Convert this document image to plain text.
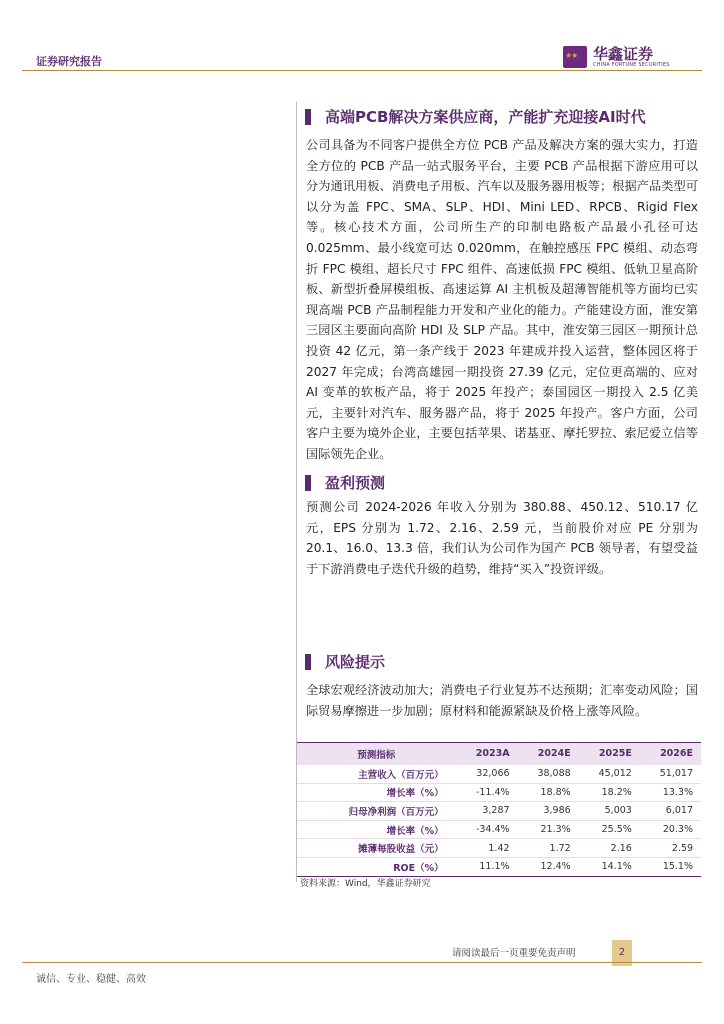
证券研究报告 ★★	华鑫证券
CHINA FORTUNE SECURITIES
高端PCB解决方案供应商，产能扩充迎接AI时代
公司具备为不同客户提供全方位 PCB 产品及解决方案的强大实力，打造全方位的 PCB 产品一站式服务平台，主要 PCB 产品根据下游应用可以分为通讯用板、消费电子用板、汽车以及服务器用板等；根据产品类型可以分为盖 FPC、SMA、SLP、HDI、Mini LED、RPCB、Rigid Flex 等。核心技术方面，公司所生产的印制电路板产品最小孔径可达 0.025mm、最小线宽可达 0.020mm，在触控感压 FPC 模组、动态弯折 FPC 模组、超长尺寸 FPC 组件、高速低损 FPC 模组、低轨卫星高阶板、新型折叠屏模组板、高速运算 AI 主机板及超薄智能机等方面均已实现高端 PCB 产品制程能力开发和产业化的能力。产能建设方面，淮安第三园区主要面向高阶 HDI 及 SLP 产品。其中，淮安第三园区一期预计总投资 42 亿元，第一条产线于 2023 年建成并投入运营，整体园区将于 2027 年完成；台湾高雄园一期投资 27.39 亿元，定位更高端的、应对 AI 变革的软板产品，将于 2025 年投产；泰国园区一期投入 2.5 亿美元，主要针对汽车、服务器产品，将于 2025 年投产。客户方面，公司客户主要为境外企业，主要包括苹果、诺基亚、摩托罗拉、索尼爱立信等国际领先企业。
盈利预测
预测公司 2024-2026 年收入分别为 380.88、450.12、510.17 亿元，EPS 分别为 1.72、2.16、2.59 元，当前股价对应 PE 分别为 20.1、16.0、13.3 倍，我们认为公司作为国产 PCB 领导者，有望受益于下游消费电子迭代升级的趋势，维持“买入”投资评级。
风险提示
全球宏观经济波动加大；消费电子行业复苏不达预期；汇率变动风险；国际贸易摩擦进一步加剧；原材料和能源紧缺及价格上涨等风险。
预测指标	2023A	2024E	2025E	2026E
主营收入（百万元）	32,066	38,088	45,012	51,017
增长率（%）	-11.4%	18.8%	18.2%	13.3%
归母净利润（百万元）	3,287	3,986	5,003	6,017
增长率（%）	-34.4%	21.3%	25.5%	20.3%
摊薄每股收益（元）	1.42	1.72	2.16	2.59
ROE（%）	11.1%	12.4%	14.1%	15.1%
资料来源：Wind，华鑫证券研究
请阅读最后一页重要免责声明	2
诚信、专业、稳健、高效
